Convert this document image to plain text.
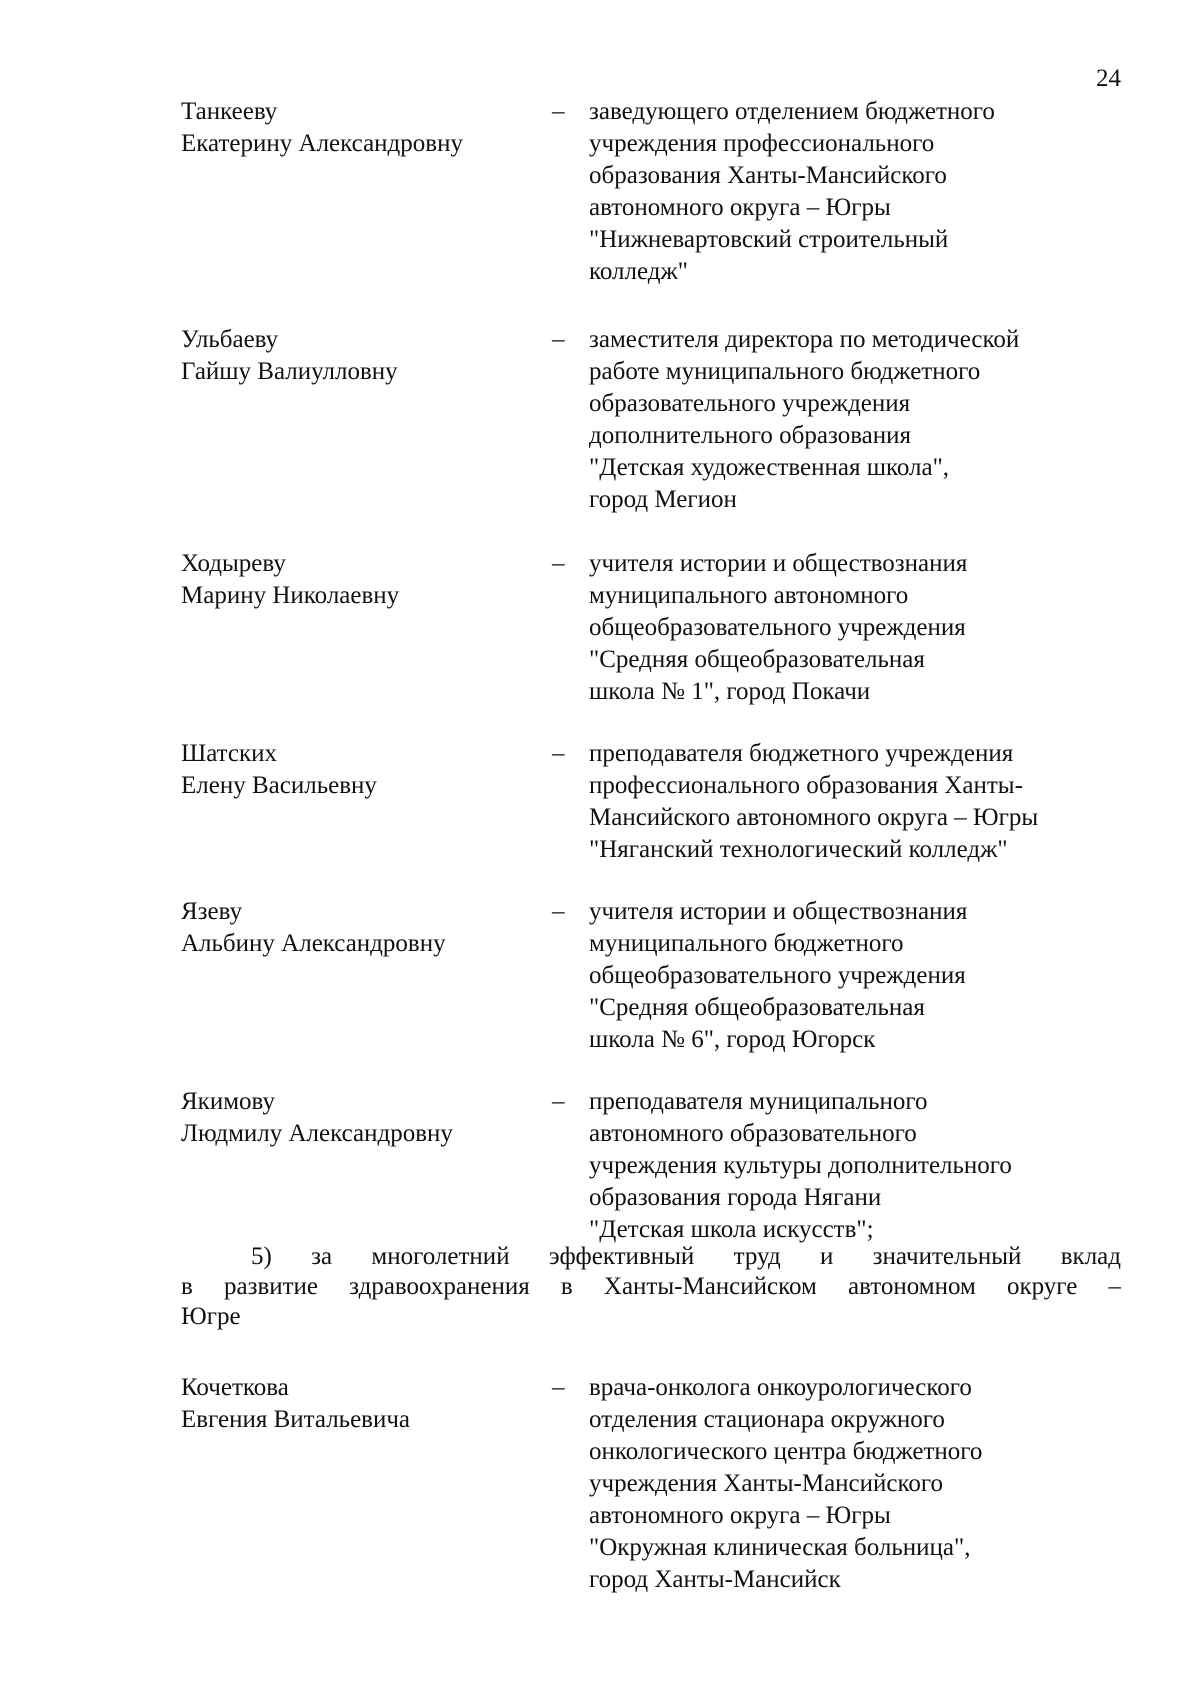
24
Танкееву
Екатерину Александровну
– заведующего отделением бюджетного
учреждения профессионального
образования Ханты-Мансийского
автономного округа – Югры
"Нижневартовский строительный
колледж"
Ульбаеву
Гайшу Валиулловну
– заместителя директора по методической
работе муниципального бюджетного
образовательного учреждения
дополнительного образования
"Детская художественная школа",
город Мегион
Ходыреву
Марину Николаевну
– учителя истории и обществознания
муниципального автономного
общеобразовательного учреждения
"Средняя общеобразовательная
школа № 1", город Покачи
Шатских
Елену Васильевну
– преподавателя бюджетного учреждения
профессионального образования Ханты-
Мансийского автономного округа – Югры
"Няганский технологический колледж"
Язеву
Альбину Александровну
– учителя истории и обществознания
муниципального бюджетного
общеобразовательного учреждения
"Средняя общеобразовательная
школа № 6", город Югорск
Якимову
Людмилу Александровну
– преподавателя муниципального
автономного образовательного
учреждения культуры дополнительного
образования города Нягани
"Детская школа искусств";
Кочеткова
Евгения Витальевича
– врача-онколога онкоурологического
отделения стационара окружного
онкологического центра бюджетного
учреждения Ханты-Мансийского
автономного округа – Югры
"Окружная клиническая больница",
город Ханты-Мансийск
5) за многолетний эффективный труд и значительный вклад
в развитие здравоохранения в Ханты-Мансийском автономном округе –
Югре
